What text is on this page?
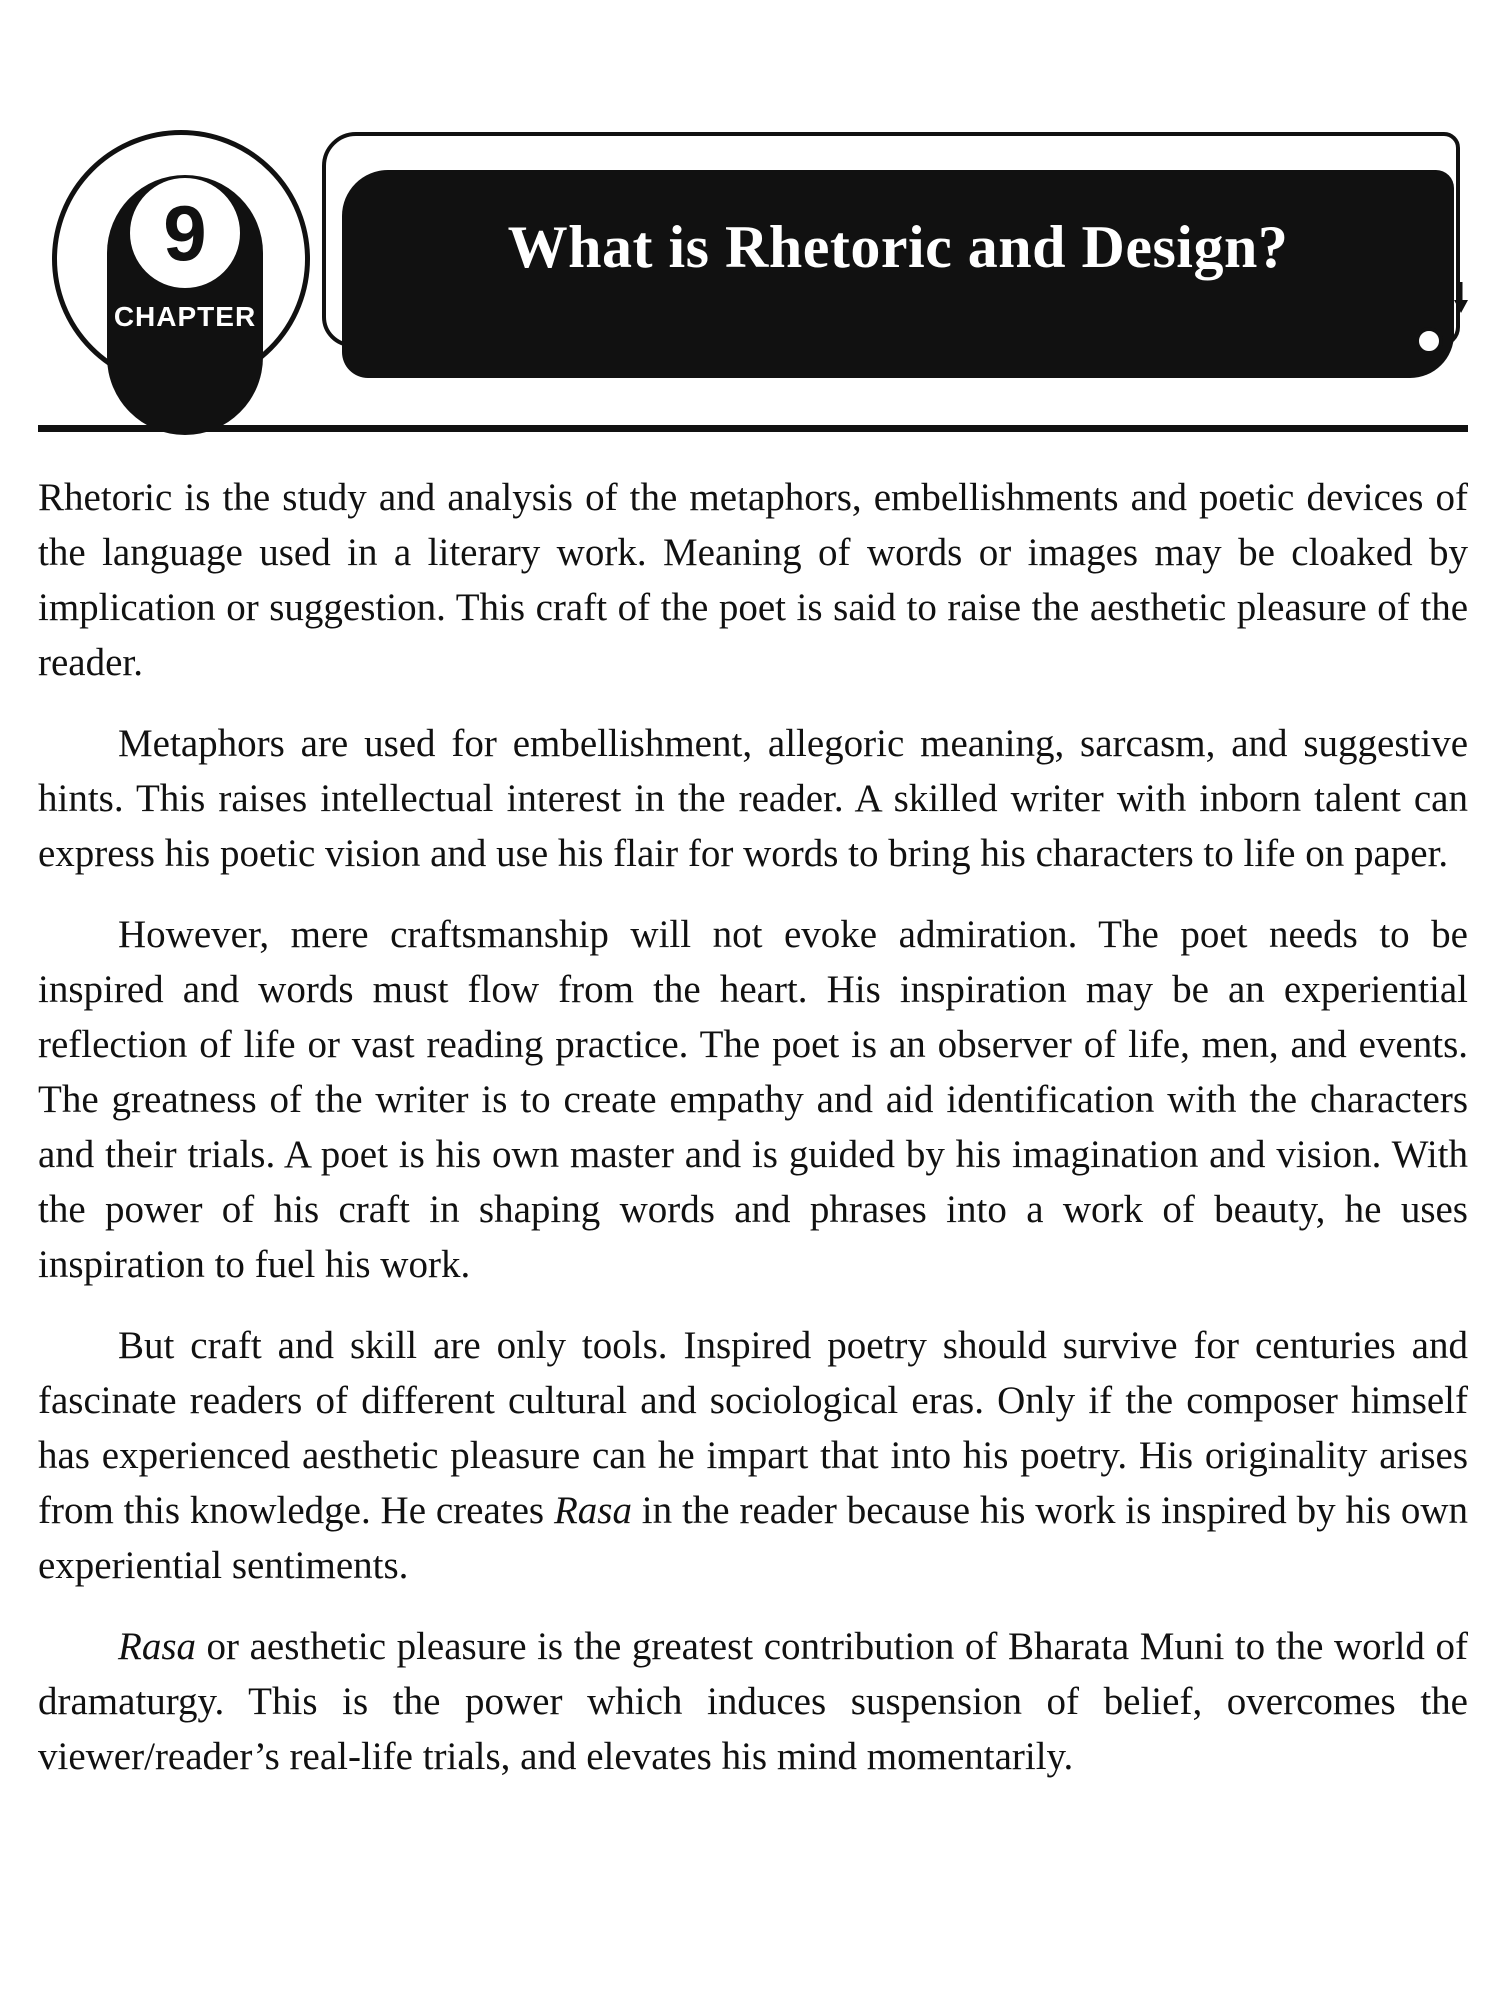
9
CHAPTER
What is Rhetoric and Design?

Rhetoric is the study and analysis of the metaphors, embellishments and poetic devices of the language used in a literary work. Meaning of words or images may be cloaked by implication or suggestion. This craft of the poet is said to raise the aesthetic pleasure of the reader.

Metaphors are used for embellishment, allegoric meaning, sarcasm, and suggestive hints. This raises intellectual interest in the reader. A skilled writer with inborn talent can express his poetic vision and use his flair for words to bring his characters to life on paper.

However, mere craftsmanship will not evoke admiration. The poet needs to be inspired and words must flow from the heart. His inspiration may be an experiential reflection of life or vast reading practice. The poet is an observer of life, men, and events. The greatness of the writer is to create empathy and aid identification with the characters and their trials. A poet is his own master and is guided by his imagination and vision. With the power of his craft in shaping words and phrases into a work of beauty, he uses inspiration to fuel his work.

But craft and skill are only tools. Inspired poetry should survive for centuries and fascinate readers of different cultural and sociological eras. Only if the composer himself has experienced aesthetic pleasure can he impart that into his poetry. His originality arises from this knowledge. He creates Rasa in the reader because his work is inspired by his own experiential sentiments.

Rasa or aesthetic pleasure is the greatest contribution of Bharata Muni to the world of dramaturgy. This is the power which induces suspension of belief, overcomes the viewer/reader’s real-life trials, and elevates his mind momentarily.
